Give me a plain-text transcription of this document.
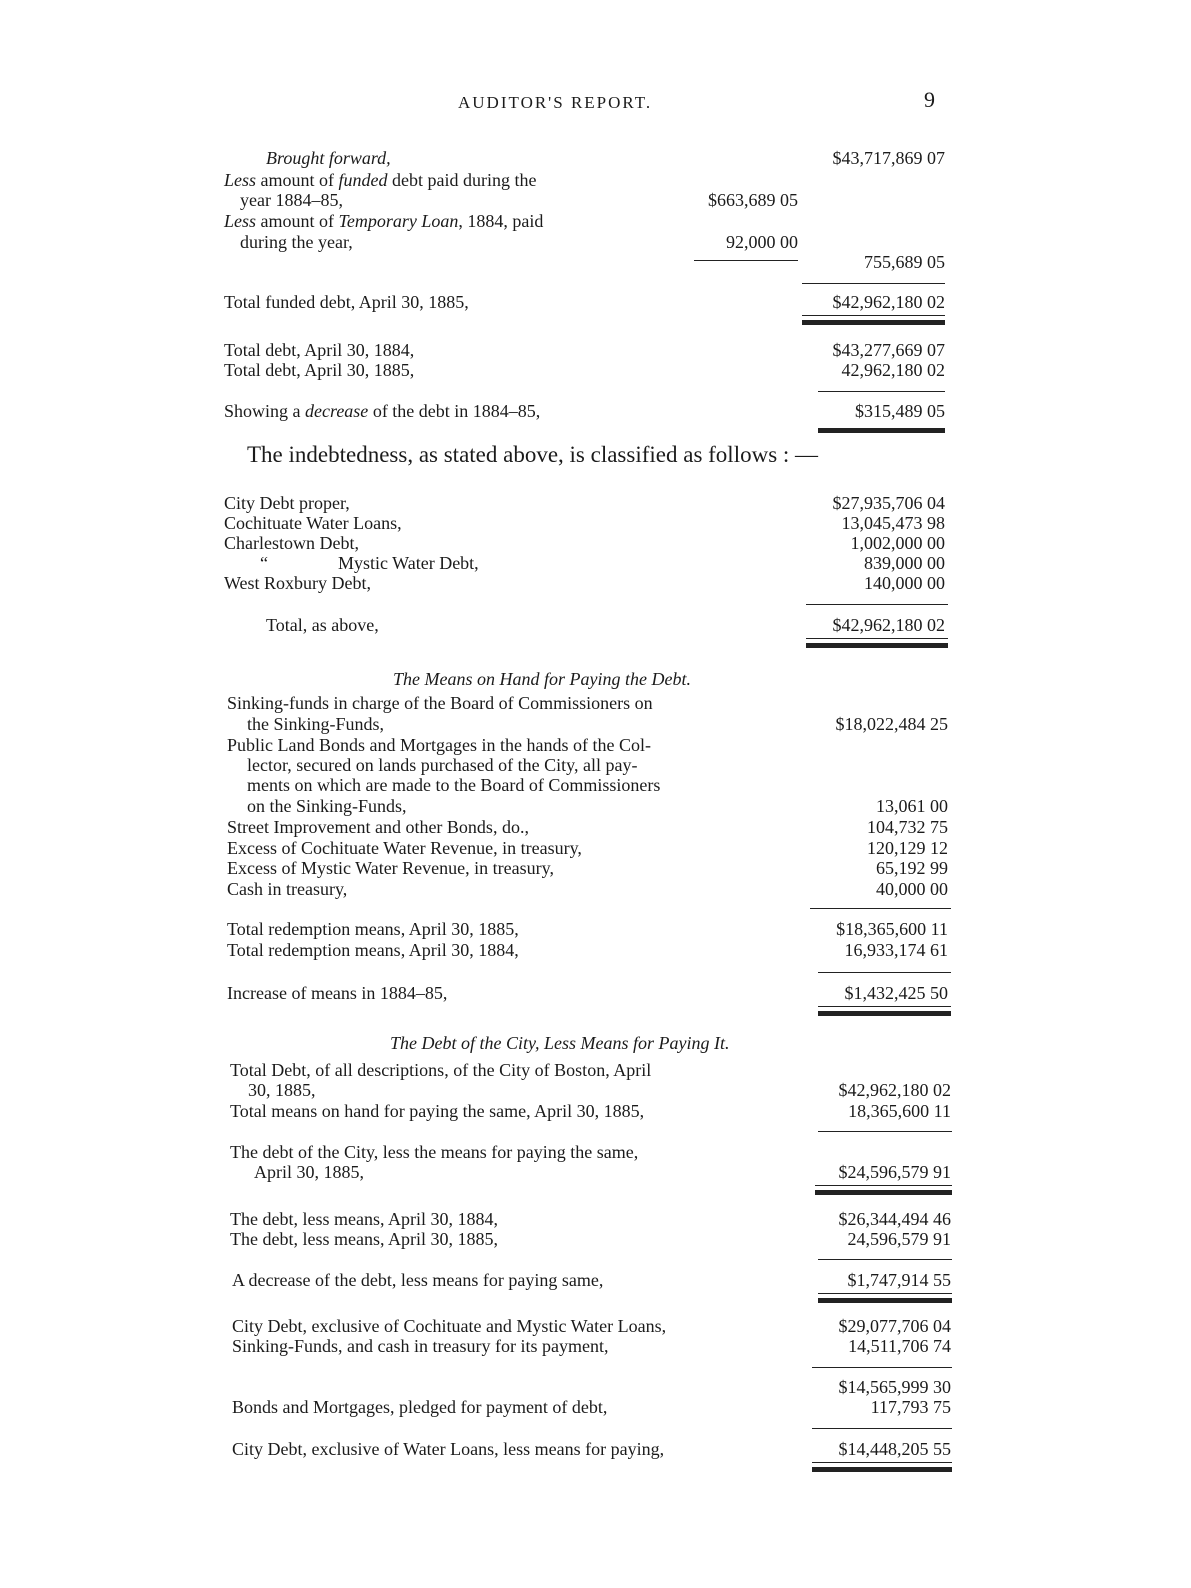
AUDITOR'S REPORT.	9
Brought forward,	$43,717,869 07
Less amount of funded debt paid during the
year 1884–85,	$663,689 05
Less amount of Temporary Loan, 1884, paid
during the year,	92,000 00
755,689 05
Total funded debt, April 30, 1885,	$42,962,180 02
Total debt, April 30, 1884,	$43,277,669 07
Total debt, April 30, 1885,	42,962,180 02
Showing a decrease of the debt in 1884–85,	$315,489 05
The indebtedness, as stated above, is classified as follows : —
City Debt proper,	$27,935,706 04
Cochituate Water Loans,	13,045,473 98
Charlestown Debt,	1,002,000 00
“	Mystic Water Debt,	839,000 00
West Roxbury Debt,	140,000 00
Total, as above,	$42,962,180 02
The Means on Hand for Paying the Debt.
Sinking-funds in charge of the Board of Commissioners on
the Sinking-Funds,	$18,022,484 25
Public Land Bonds and Mortgages in the hands of the Col-
lector, secured on lands purchased of the City, all pay-
ments on which are made to the Board of Commissioners
on the Sinking-Funds,	13,061 00
Street Improvement and other Bonds, do.,	104,732 75
Excess of Cochituate Water Revenue, in treasury,	120,129 12
Excess of Mystic Water Revenue, in treasury,	65,192 99
Cash in treasury,	40,000 00
Total redemption means, April 30, 1885,	$18,365,600 11
Total redemption means, April 30, 1884,	16,933,174 61
Increase of means in 1884–85,	$1,432,425 50
The Debt of the City, Less Means for Paying It.
Total Debt, of all descriptions, of the City of Boston, April
30, 1885,	$42,962,180 02
Total means on hand for paying the same, April 30, 1885,	18,365,600 11
The debt of the City, less the means for paying the same,
April 30, 1885,	$24,596,579 91
The debt, less means, April 30, 1884,	$26,344,494 46
The debt, less means, April 30, 1885,	24,596,579 91
A decrease of the debt, less means for paying same,	$1,747,914 55
City Debt, exclusive of Cochituate and Mystic Water Loans,	$29,077,706 04
Sinking-Funds, and cash in treasury for its payment,	14,511,706 74
$14,565,999 30
Bonds and Mortgages, pledged for payment of debt,	117,793 75
City Debt, exclusive of Water Loans, less means for paying,	$14,448,205 55
